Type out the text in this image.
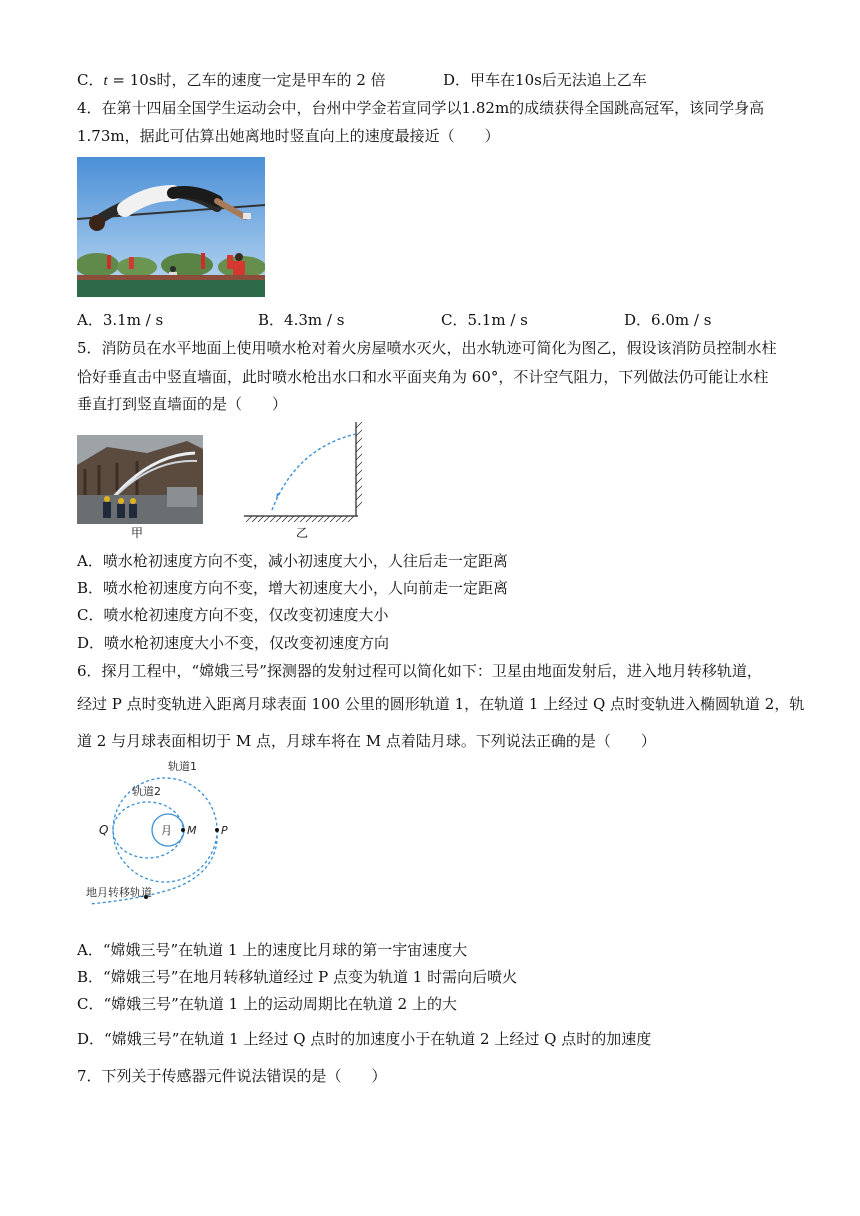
C．t = 10s时，乙车的速度一定是甲车的 2 倍	D．甲车在10s后无法追上乙车
4．在第十四届全国学生运动会中，台州中学金若宣同学以1.82m的成绩获得全国跳高冠军，该同学身高
1.73m，据此可估算出她离地时竖直向上的速度最接近（　　）
A．3.1m / s	B．4.3m / s	C．5.1m / s	D．6.0m / s
5．消防员在水平地面上使用喷水枪对着火房屋喷水灭火，出水轨迹可简化为图乙，假设该消防员控制水柱
恰好垂直击中竖直墙面，此时喷水枪出水口和水平面夹角为 60°，不计空气阻力，下列做法仍可能让水柱
垂直打到竖直墙面的是（　　）
甲	乙
A．喷水枪初速度方向不变，减小初速度大小，人往后走一定距离
B．喷水枪初速度方向不变，增大初速度大小，人向前走一定距离
C．喷水枪初速度方向不变，仅改变初速度大小
D．喷水枪初速度大小不变，仅改变初速度方向
6．探月工程中，“嫦娥三号”探测器的发射过程可以简化如下：卫星由地面发射后，进入地月转移轨道，
经过 P 点时变轨进入距离月球表面 100 公里的圆形轨道 1，在轨道 1 上经过 Q 点时变轨进入椭圆轨道 2，轨
道 2 与月球表面相切于 M 点，月球车将在 M 点着陆月球。下列说法正确的是（　　）
轨道1
轨道2
月
Q	M P
地月转移轨道
A．“嫦娥三号”在轨道 1 上的速度比月球的第一宇宙速度大
B．“嫦娥三号”在地月转移轨道经过 P 点变为轨道 1 时需向后喷火
C．“嫦娥三号”在轨道 1 上的运动周期比在轨道 2 上的大
D．“嫦娥三号”在轨道 1 上经过 Q 点时的加速度小于在轨道 2 上经过 Q 点时的加速度
7．下列关于传感器元件说法错误的是（　　）
